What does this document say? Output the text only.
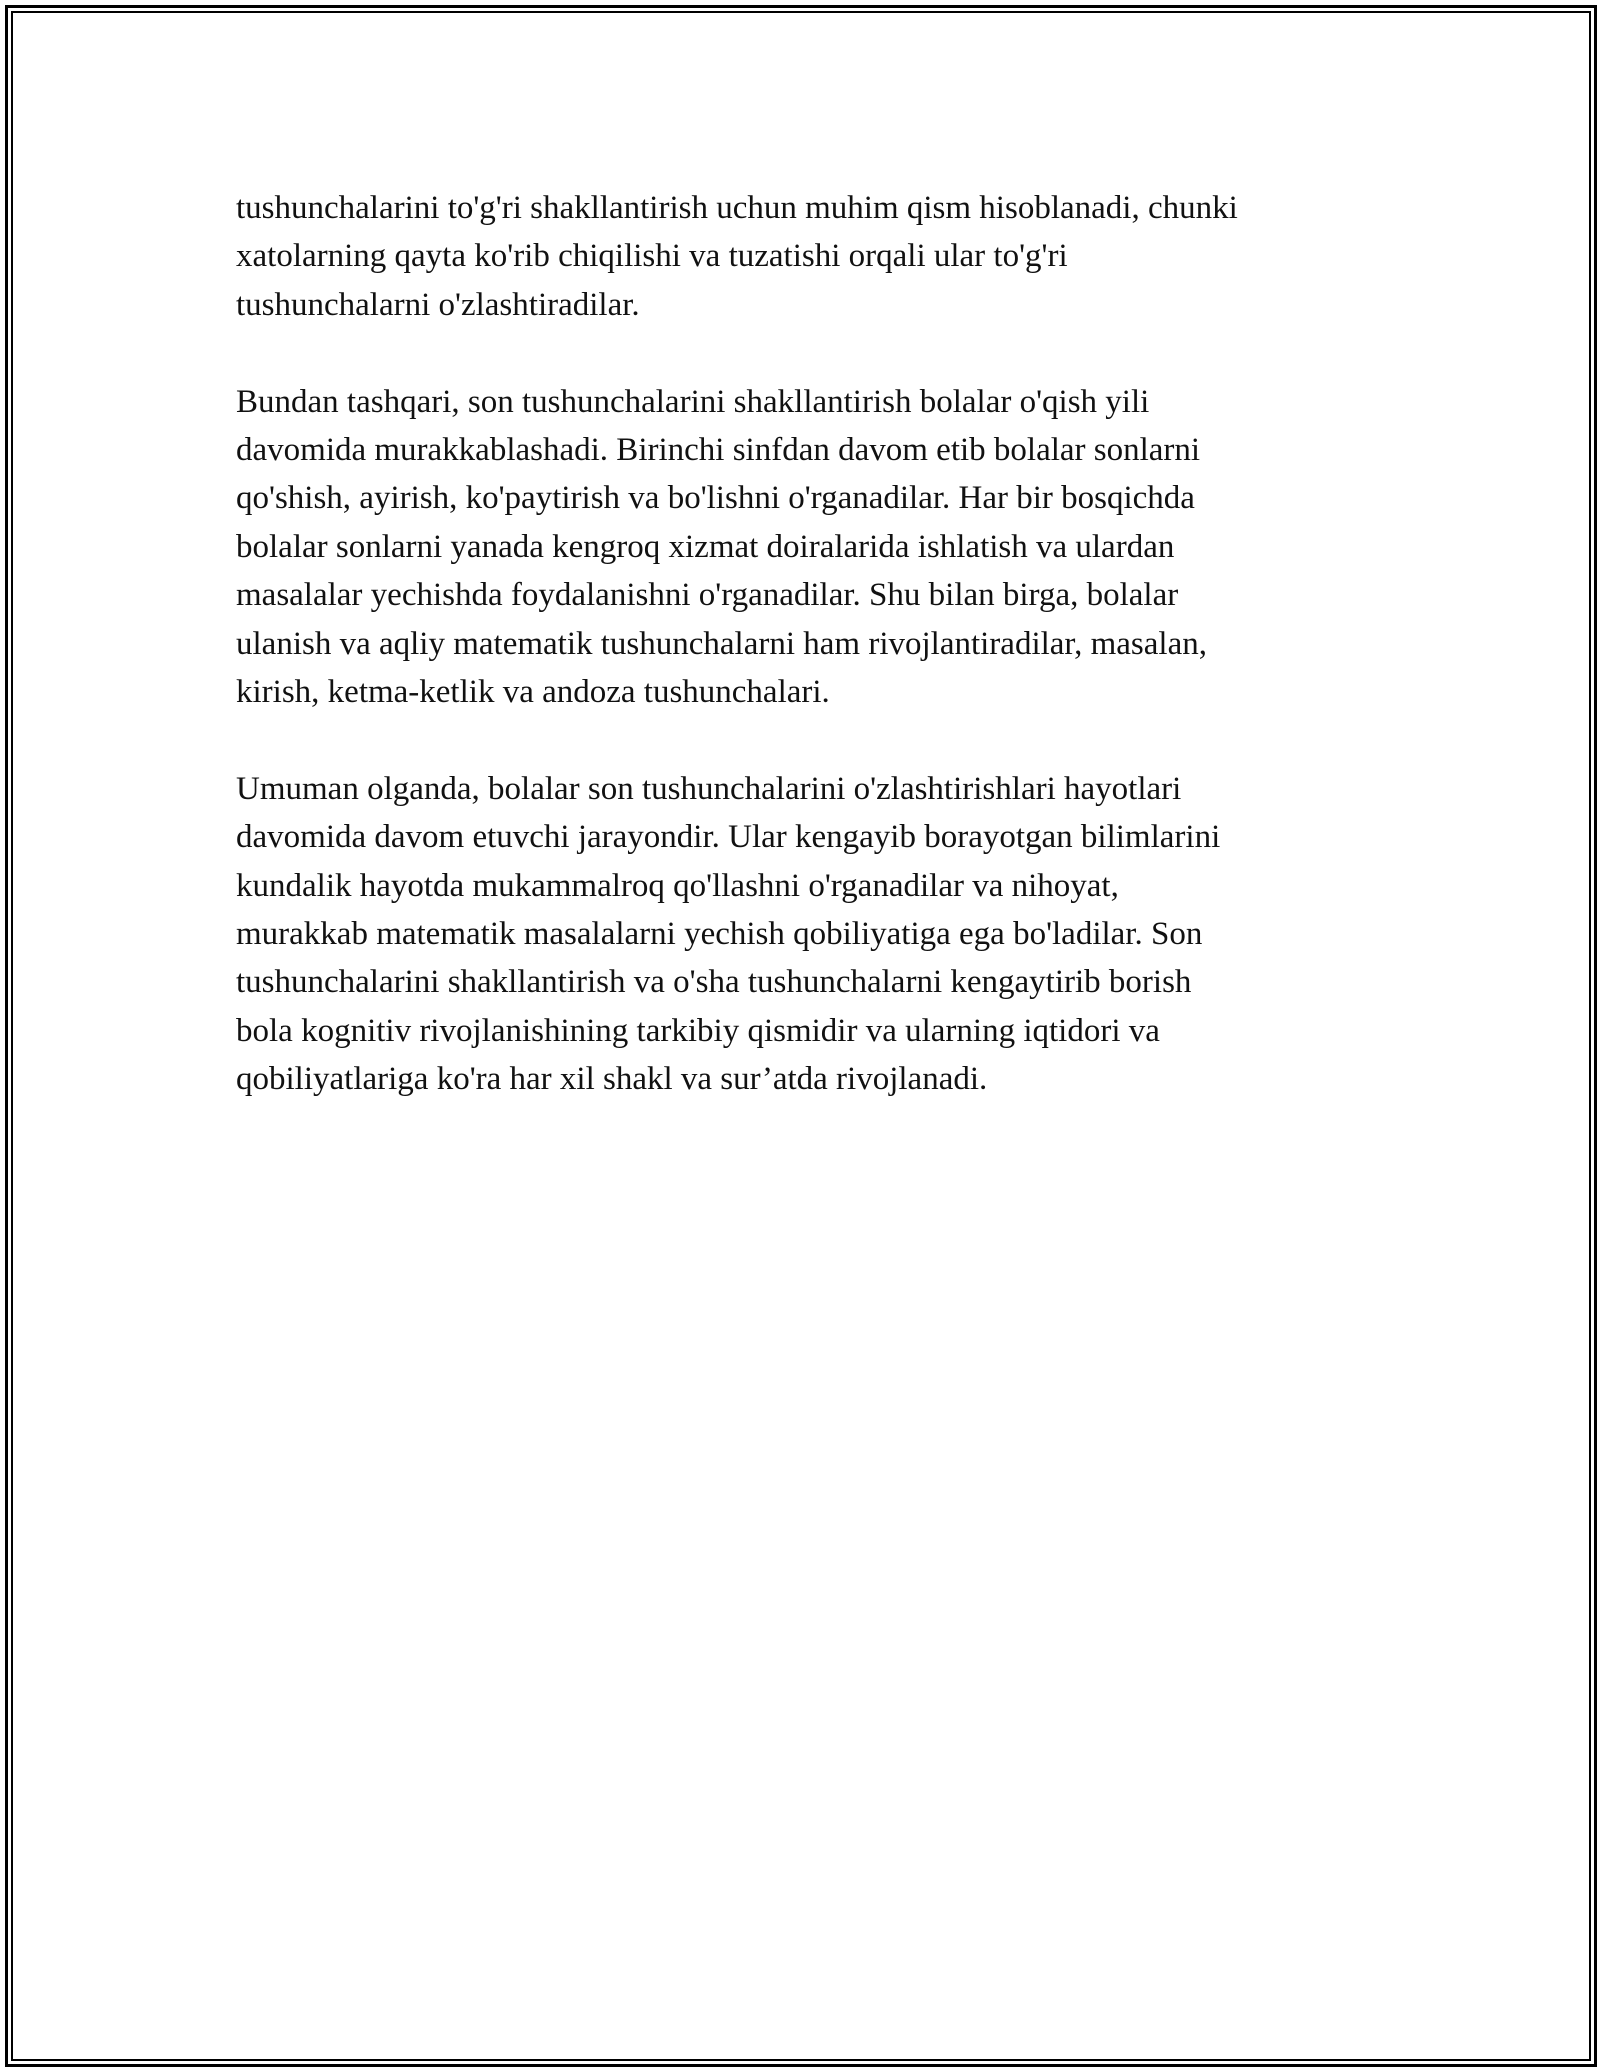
tushunchalarini to'g'ri shakllantirish uchun muhim qism hisoblanadi, chunki
xatolarning qayta ko'rib chiqilishi va tuzatishi orqali ular to'g'ri
tushunchalarni o'zlashtiradilar.

Bundan tashqari, son tushunchalarini shakllantirish bolalar o'qish yili
davomida murakkablashadi. Birinchi sinfdan davom etib bolalar sonlarni
qo'shish, ayirish, ko'paytirish va bo'lishni o'rganadilar. Har bir bosqichda
bolalar sonlarni yanada kengroq xizmat doiralarida ishlatish va ulardan
masalalar yechishda foydalanishni o'rganadilar. Shu bilan birga, bolalar
ulanish va aqliy matematik tushunchalarni ham rivojlantiradilar, masalan,
kirish, ketma-ketlik va andoza tushunchalari.

Umuman olganda, bolalar son tushunchalarini o'zlashtirishlari hayotlari
davomida davom etuvchi jarayondir. Ular kengayib borayotgan bilimlarini
kundalik hayotda mukammalroq qo'llashni o'rganadilar va nihoyat,
murakkab matematik masalalarni yechish qobiliyatiga ega bo'ladilar. Son
tushunchalarini shakllantirish va o'sha tushunchalarni kengaytirib borish
bola kognitiv rivojlanishining tarkibiy qismidir va ularning iqtidori va
qobiliyatlariga ko'ra har xil shakl va sur’atda rivojlanadi.
